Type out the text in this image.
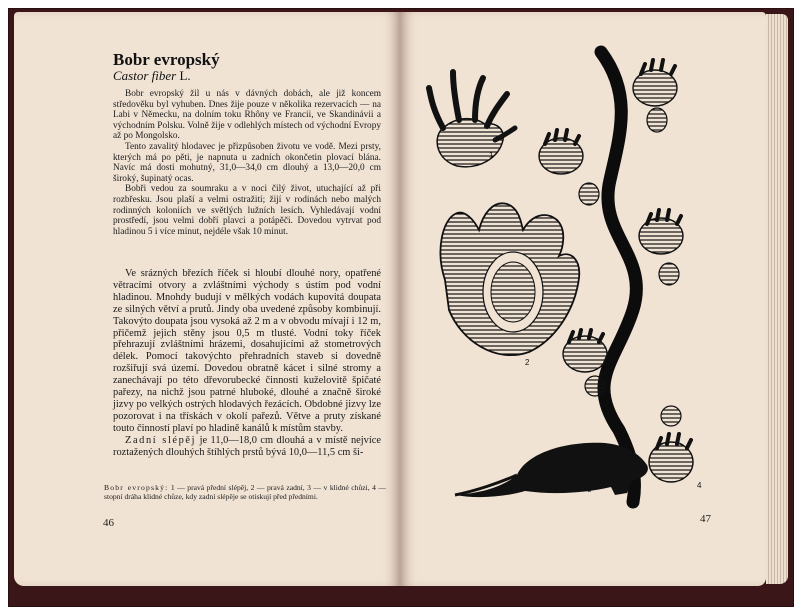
Bobr evropský
Castor fiber L.

Bobr evropský žil u nás v dávných dobách, ale již koncem středověku byl vyhuben. Dnes žije pouze v několika rezervacích — na Labi v Německu, na dolním toku Rhôny ve Francii, ve Skandinávii a východním Polsku. Volně žije v odlehlých místech od východní Evropy až po Mongolsko.

Tento zavalitý hlodavec je přizpůsoben životu ve vodě. Mezi prsty, kterých má po pěti, je napnuta u zadních okončetin plovací blána. Navíc má dosti mohutný, 31,0—34,0 cm dlouhý a 13,0—20,0 cm široký, šupinatý ocas.

Bobři vedou za soumraku a v noci čilý život, utuchající až při rozbřesku. Jsou plaší a velmi ostražití; žijí v rodinách nebo malých rodinných koloniích ve světlých lužních lesích. Vyhledávají vodní prostředí, jsou velmi dobří plavci a potápěči. Dovedou vytrvat pod hladinou 5 i více minut, nejdéle však 10 minut.

Ve srázných březích říček si hloubí dlouhé nory, opatřené větracími otvory a zvláštními východy s ústím pod vodní hladinou. Mnohdy budují v mělkých vodách kupovitá doupata ze silných větví a prutů. Jindy oba uvedené způsoby kombinují. Takovýto doupata jsou vysoká až 2 m a v obvodu mívají i 12 m, přičemž jejich stěny jsou 0,5 m tlusté. Vodní toky říček přehrazují zvláštními hrázemi, dosahujícími až stometrových délek. Pomocí takovýchto přehradních staveb si dovedně rozšiřují svá území. Dovedou obratně kácet i silné stromy a zanechávají po této dřevorubecké činnosti kuželovitě špičaté pařezy, na nichž jsou patrné hluboké, dlouhé a značně široké jizvy po velkých ostrých hlodavých řezácích. Obdobné jizvy lze pozorovat i na třískách v okolí pařezů. Větve a pruty získané touto činností plaví po hladině kanálů k místům stavby.

Zadní slépěj je 11,0—18,0 cm dlouhá a v místě nejvíce roztažených dlouhých štíhlých prstů bývá 10,0—11,5 cm ši-

Bobr evropský: 1 — pravá přední slépěj, 2 — pravá zadní, 3 — v klidné chůzi, 4 — stopní dráha klidné chůze, kdy zadní slépěje se otiskují před předními.

46
1
2
3	4
47
